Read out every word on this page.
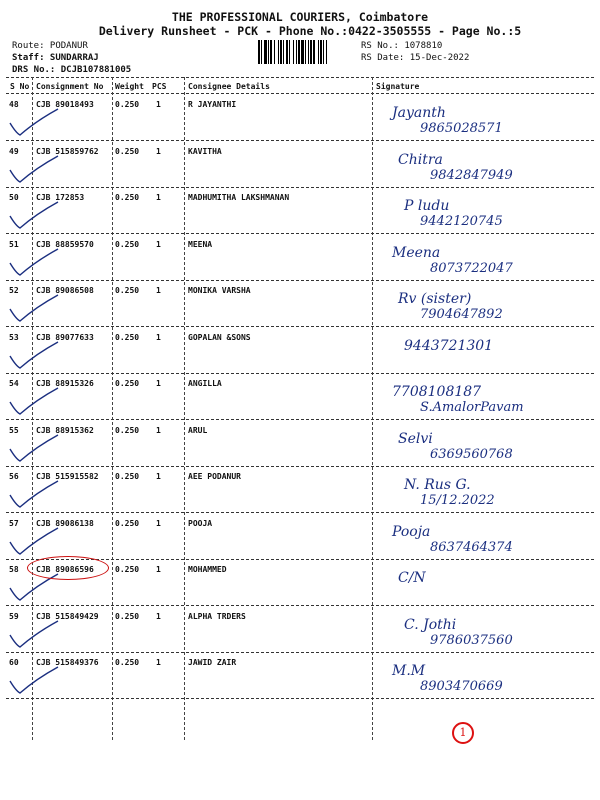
THE PROFESSIONAL COURIERS, Coimbatore
Delivery Runsheet - PCK - Phone No.:0422-3505555 - Page No.:5
Route: PODANUR
Staff: SUNDARRAJ
DRS No.: DCJB107881005
RS No.: 1078810
RS Date: 15-Dec-2022
S No Consignment No Weight PCS	Consignee Details	Signature
48 CJB 89018493	0.250 1	R JAYANTHI
Jayanth
9865028571
49 CJB 515859762 0.250 1	KAVITHA
Chitra
9842847949
50 CJB 172853	0.250 1	MADHUMITHA LAKSHMANAN
P ludu
9442120745
51 CJB 88859570	0.250 1	MEENA
Meena
8073722047
52 CJB 89086508	0.250 1	MONIKA VARSHA
Rv (sister)
7904647892
53 CJB 89077633	0.250 1	GOPALAN &SONS
9443721301
54 CJB 88915326	0.250 1	ANGILLA
7708108187
S.AmalorPavam
55 CJB 88915362	0.250 1	ARUL
Selvi
6369560768
56 CJB 515915582 0.250 1	AEE PODANUR
N. Rus G.
15/12.2022
57 CJB 89086138	0.250 1	POOJA
Pooja
8637464374
58 CJB 89086596	0.250 1	MOHAMMED
C/N
59 CJB 515849429 0.250 1	ALPHA TRDERS
C. Jothi
9786037560
60 CJB 515849376 0.250 1	JAWID ZAIR
M.M
8903470669
1
